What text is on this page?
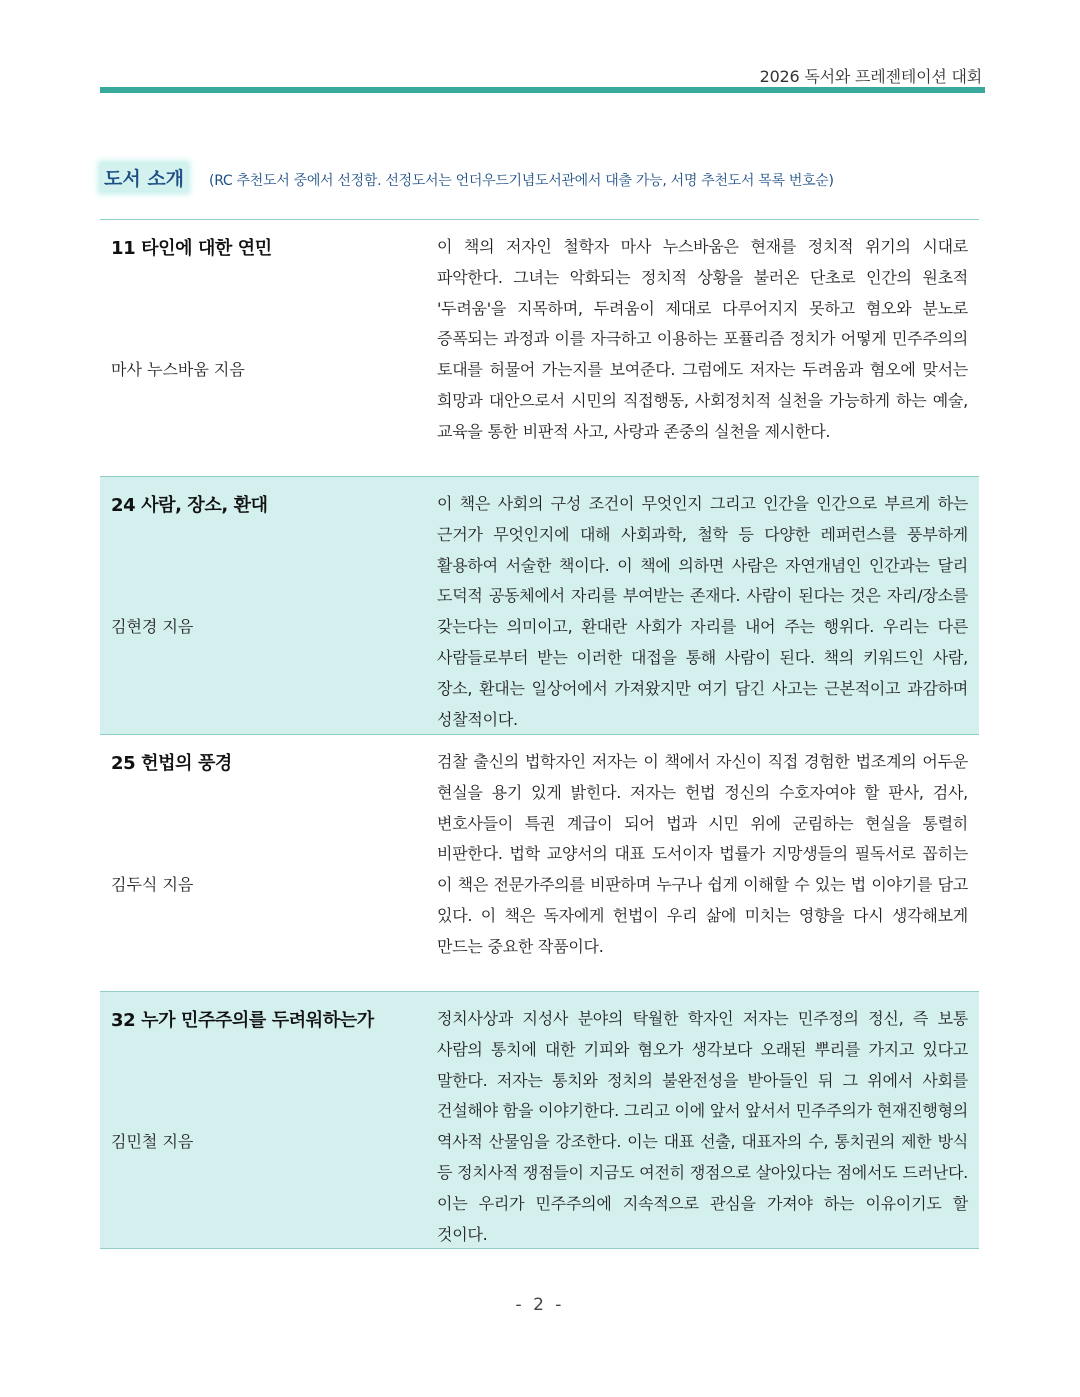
2026 독서와 프레젠테이션 대회
도서 소개 (RC 추천도서 중에서 선정함. 선정도서는 언더우드기념도서관에서 대출 가능, 서명 추천도서 목록 번호순)
11 타인에 대한 연민
마사 누스바움 지음
이 책의 저자인 철학자 마사 누스바움은 현재를 정치적 위기의 시대로 파악한다. 그녀는 악화되는 정치적 상황을 불러온 단초로 인간의 원초적 '두려움'을 지목하며, 두려움이 제대로 다루어지지 못하고 혐오와 분노로 증폭되는 과정과 이를 자극하고 이용하는 포퓰리즘 정치가 어떻게 민주주의의 토대를 허물어 가는지를 보여준다. 그럼에도 저자는 두려움과 혐오에 맞서는 희망과 대안으로서 시민의 직접행동, 사회정치적 실천을 가능하게 하는 예술, 교육을 통한 비판적 사고, 사랑과 존중의 실천을 제시한다.
24 사람, 장소, 환대
김현경 지음
이 책은 사회의 구성 조건이 무엇인지 그리고 인간을 인간으로 부르게 하는 근거가 무엇인지에 대해 사회과학, 철학 등 다양한 레퍼런스를 풍부하게 활용하여 서술한 책이다. 이 책에 의하면 사람은 자연개념인 인간과는 달리 도덕적 공동체에서 자리를 부여받는 존재다. 사람이 된다는 것은 자리/장소를 갖는다는 의미이고, 환대란 사회가 자리를 내어 주는 행위다. 우리는 다른 사람들로부터 받는 이러한 대접을 통해 사람이 된다. 책의 키워드인 사람, 장소, 환대는 일상어에서 가져왔지만 여기 담긴 사고는 근본적이고 과감하며 성찰적이다.
25 헌법의 풍경
김두식 지음
검찰 출신의 법학자인 저자는 이 책에서 자신이 직접 경험한 법조계의 어두운 현실을 용기 있게 밝힌다. 저자는 헌법 정신의 수호자여야 할 판사, 검사, 변호사들이 특권 계급이 되어 법과 시민 위에 군림하는 현실을 통렬히 비판한다. 법학 교양서의 대표 도서이자 법률가 지망생들의 필독서로 꼽히는 이 책은 전문가주의를 비판하며 누구나 쉽게 이해할 수 있는 법 이야기를 담고 있다. 이 책은 독자에게 헌법이 우리 삶에 미치는 영향을 다시 생각해보게 만드는 중요한 작품이다.
32 누가 민주주의를 두려워하는가
김민철 지음
정치사상과 지성사 분야의 탁월한 학자인 저자는 민주정의 정신, 즉 보통 사람의 통치에 대한 기피와 혐오가 생각보다 오래된 뿌리를 가지고 있다고 말한다. 저자는 통치와 정치의 불완전성을 받아들인 뒤 그 위에서 사회를 건설해야 함을 이야기한다. 그리고 이에 앞서 앞서서 민주주의가 현재진행형의 역사적 산물임을 강조한다. 이는 대표 선출, 대표자의 수, 통치권의 제한 방식 등 정치사적 쟁점들이 지금도 여전히 쟁점으로 살아있다는 점에서도 드러난다. 이는 우리가 민주주의에 지속적으로 관심을 가져야 하는 이유이기도 할 것이다.
- 2 -
